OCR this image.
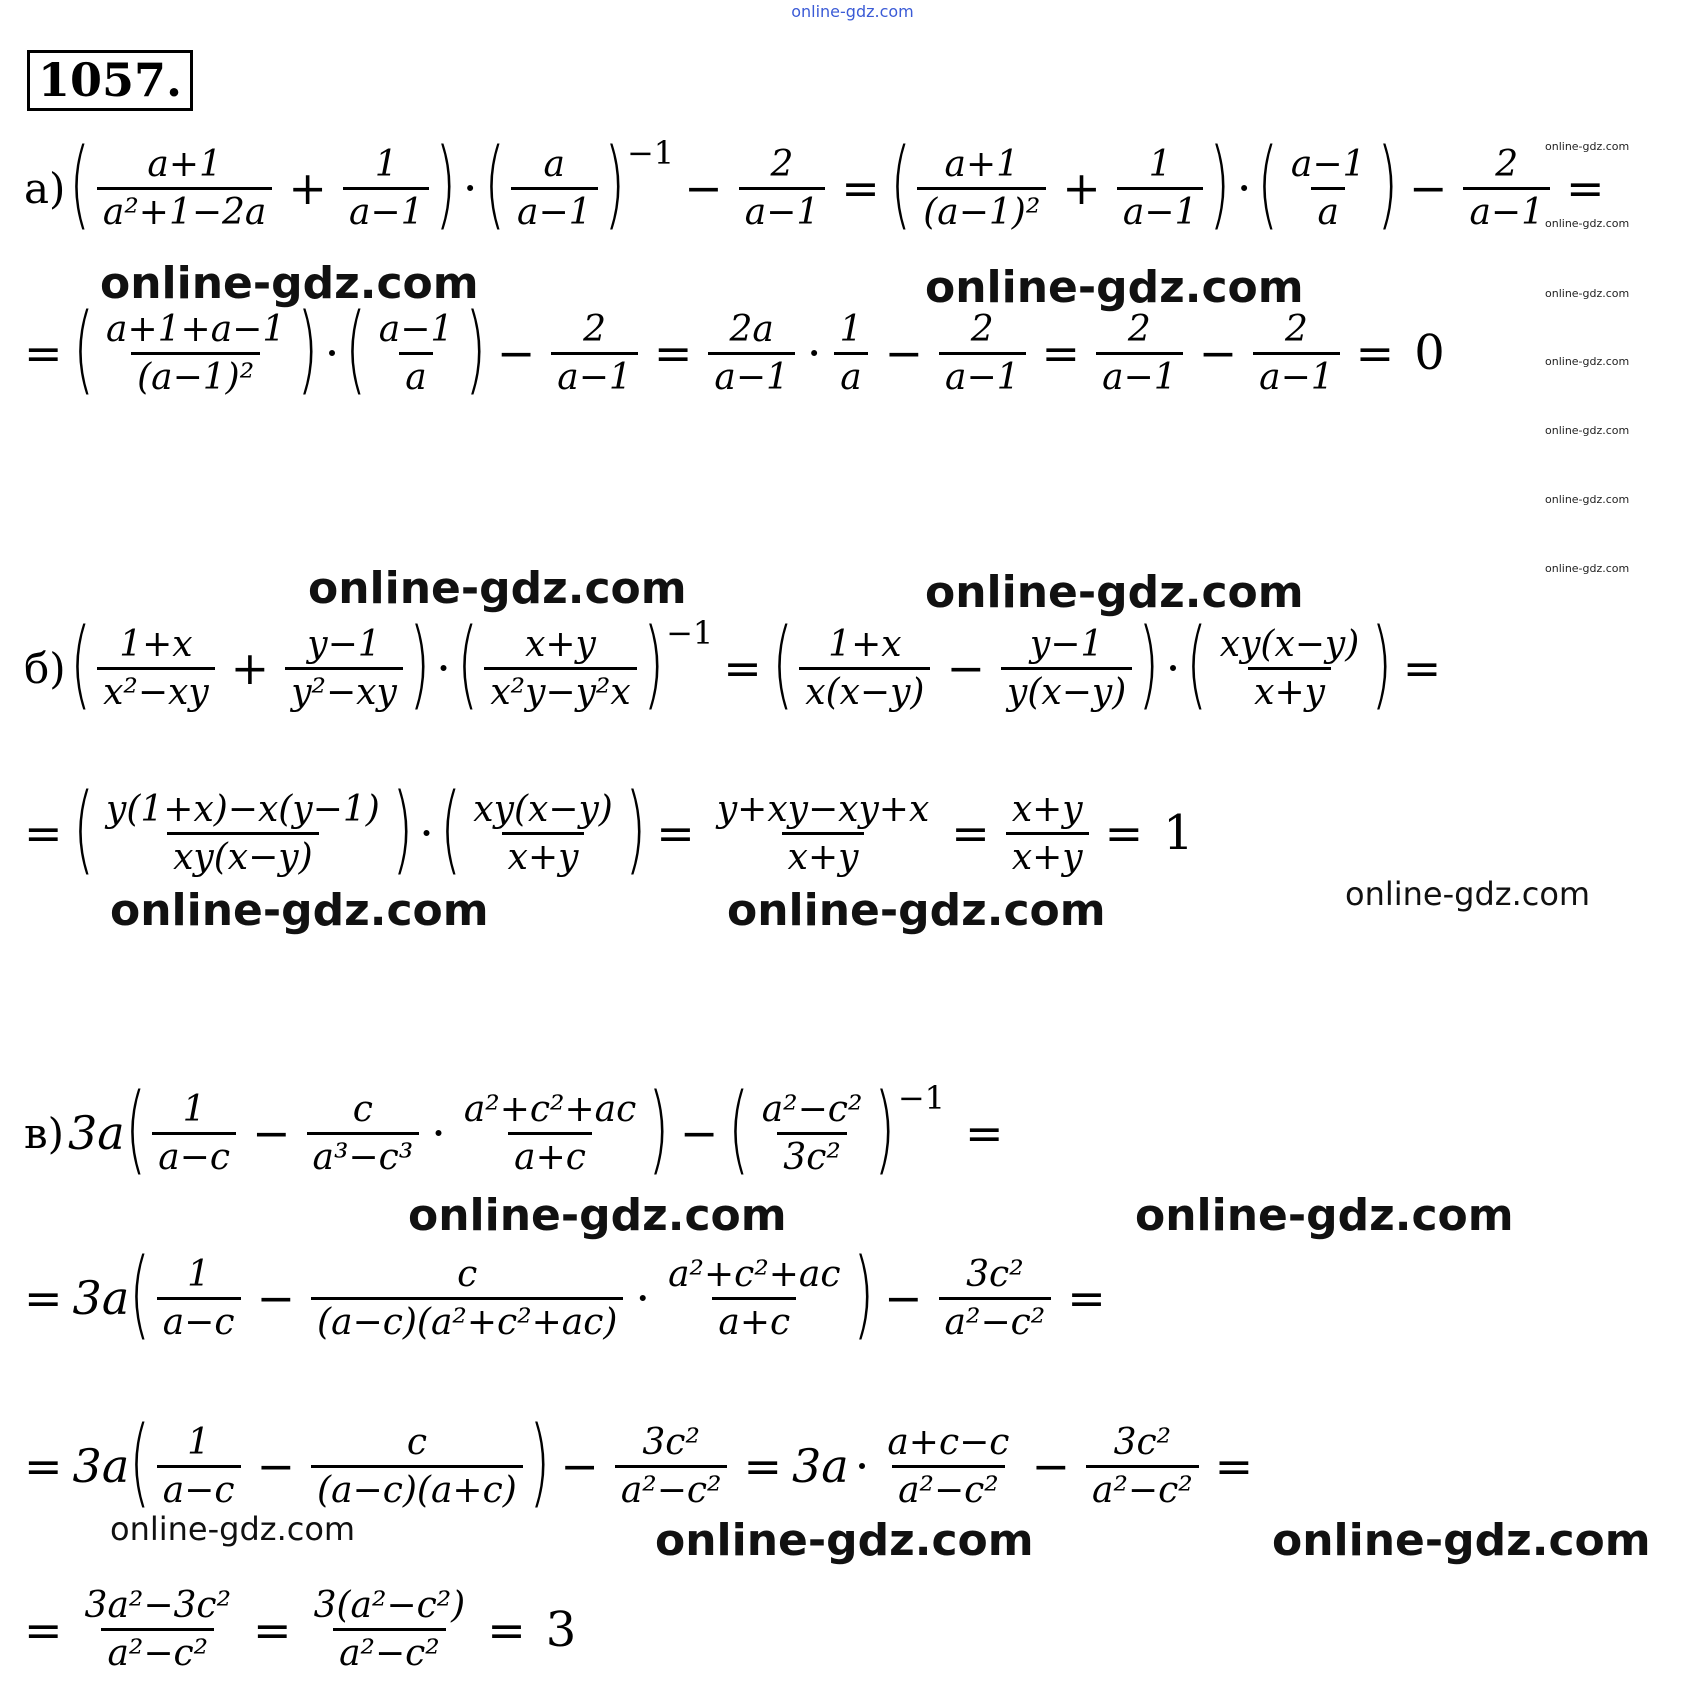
online-gdz.com
1057.
а) ( $\frac{a+1}{\text{a²+1−2a}} + \frac{1}{a-1}$ ) · ( $\frac{a}{a-1}$ ) −1
− $\frac{2}{a-1}$ = ( $\frac{a+1}{\text{(a−1)²}} + \frac{1}{a-1}$ ) · ( $\frac{a-1}{a}$ ) − $\frac{2}{a-1}$ =
online-gdz.com	online-gdz.com
online-gdz.com
online-gdz.com
online-gdz.com
online-gdz.com
online-gdz.com
online-gdz.com
online-gdz.com
= ( $\frac{a+1+a-1}{\text{(a−1)²}}$ ) · ( $\frac{a-1}{a}$ ) − $\frac{2}{a-1} = \frac{2a}{a-1} \cdot \frac{1}{a} - \frac{2}{a-1} = \frac{2}{a-1} - \frac{2}{a-1} = 0$
online-gdz.com	online-gdz.com
б) ( $\frac{1+x}{\text{x²−xy}} + \frac{y-1}{\text{y²−xy}}$ ) · ( $\frac{x+y}{\text{x²y−y²x}}$ ) −1
= ( $\frac{1+x}{x(x-y)} - \frac{y-1}{y(x-y)}$ ) · ( $\frac{xy(x-y)}{x+y}$ ) =
= ( $\frac{y(1+x)-x(y-1)}{xy(x-y)}$ ) · ( $\frac{xy(x-y)}{x+y}$ ) = $\frac{y+xy-xy+x}{x+y} = \frac{x+y}{x+y} = 1$
online-gdz.com	online-gdz.com	online-gdz.com
в) 3a ( $\frac{1}{a-c} - \frac{c}{\text{a³−c³}} \cdot \frac{\text{a²+c²+ac}}{a+c}$ ) − ( $\frac{\text{a²−c²}}{\text{3c²}}$ ) −1
=
online-gdz.com	online-gdz.com
= 3a ( $\frac{1}{a-c} - \frac{c}{\text{(a−c)(a²+c²+ac)}} \cdot \frac{\text{a²+c²+ac}}{a+c}$ ) − $\frac{\text{3c²}}{\text{a²−c²}}$ =
= 3a ( $\frac{1}{a-c} - \frac{c}{(a-c)(a+c)}$ ) − $\frac{\text{3c²}}{\text{a²−c²}} = 3a \cdot \frac{a+c-c}{\text{a²−c²}} - \frac{\text{3c²}}{\text{a²−c²}}$ =
online-gdz.com	online-gdz.com	online-gdz.com
= $\frac{\text{3a²−3c²}}{\text{a²−c²}} = \frac{\text{3(a²−c²)}}{\text{a²−c²}} = 3$
